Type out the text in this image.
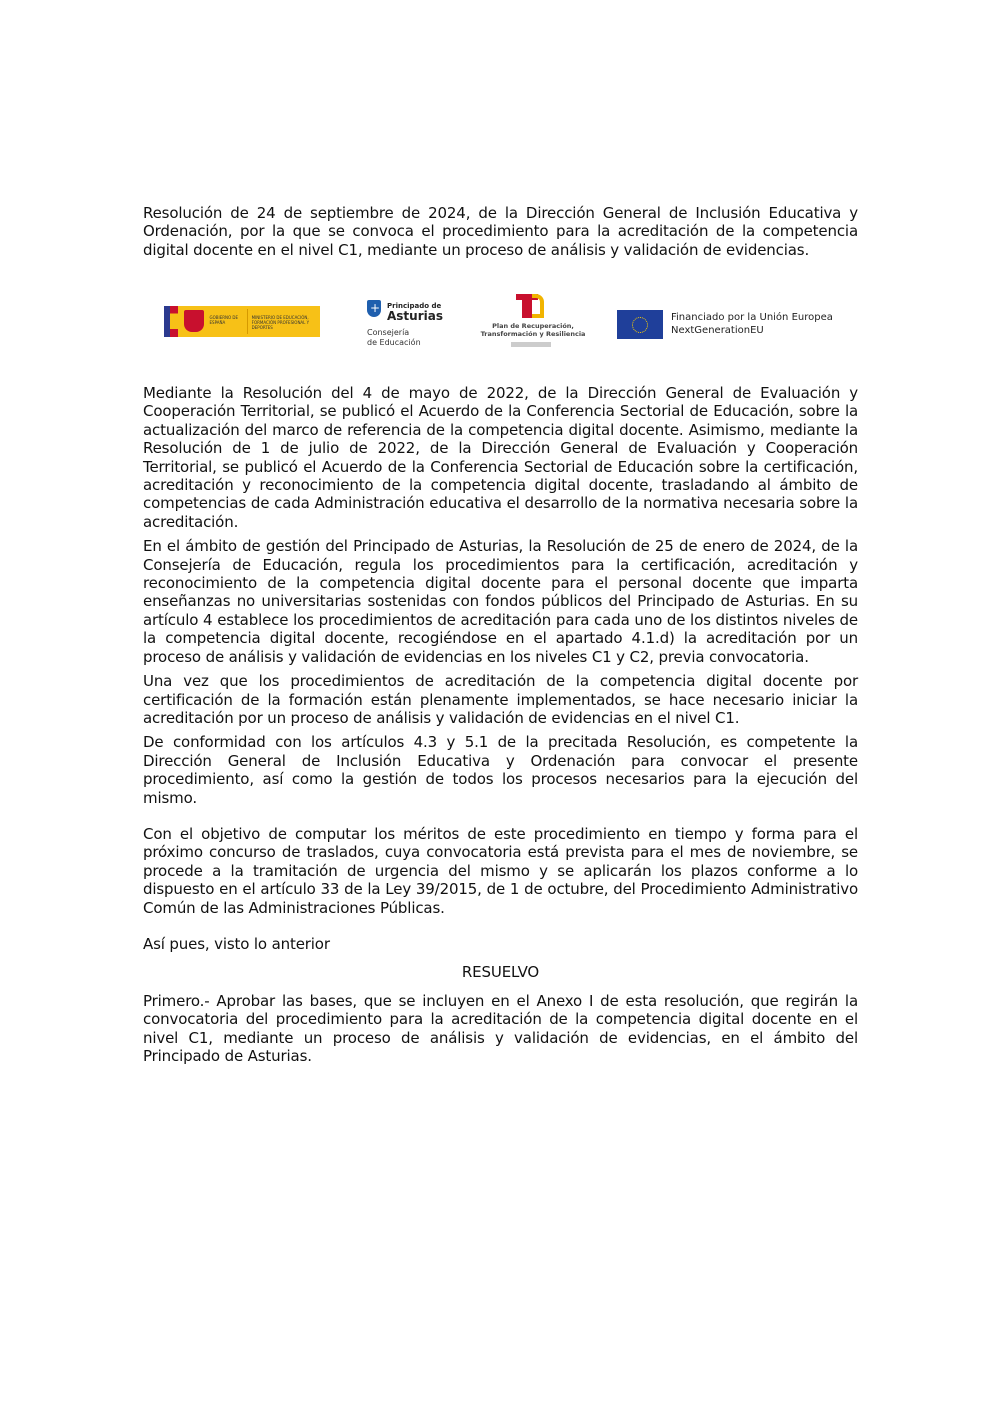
Resolución de 24 de septiembre de 2024, de la Dirección General de Inclusión Educativa y Ordenación, por la que se convoca el procedimiento para la acreditación de la competencia digital docente en el nivel C1, mediante un proceso de análisis y validación de evidencias.

GOBIERNO DE ESPAÑA
MINISTERIO DE EDUCACIÓN, FORMACIÓN PROFESIONAL Y DEPORTES
+
Principado de
Asturias
Consejería
de Educación
Plan de Recuperación,
Transformación y Resiliencia
Financiado por la Unión Europea
NextGenerationEU

Mediante la Resolución del 4 de mayo de 2022, de la Dirección General de Evaluación y Cooperación Territorial, se publicó el Acuerdo de la Conferencia Sectorial de Educación, sobre la actualización del marco de referencia de la competencia digital docente. Asimismo, mediante la Resolución de 1 de julio de 2022, de la Dirección General de Evaluación y Cooperación Territorial, se publicó el Acuerdo de la Conferencia Sectorial de Educación sobre la certificación, acreditación y reconocimiento de la competencia digital docente, trasladando al ámbito de competencias de cada Administración educativa el desarrollo de la normativa necesaria sobre la acreditación.

En el ámbito de gestión del Principado de Asturias, la Resolución de 25 de enero de 2024, de la Consejería de Educación, regula los procedimientos para la certificación, acreditación y reconocimiento de la competencia digital docente para el personal docente que imparta enseñanzas no universitarias sostenidas con fondos públicos del Principado de Asturias. En su artículo 4 establece los procedimientos de acreditación para cada uno de los distintos niveles de la competencia digital docente, recogiéndose en el apartado 4.1.d) la acreditación por un proceso de análisis y validación de evidencias en los niveles C1 y C2, previa convocatoria.

Una vez que los procedimientos de acreditación de la competencia digital docente por certificación de la formación están plenamente implementados, se hace necesario iniciar la acreditación por un proceso de análisis y validación de evidencias en el nivel C1.

De conformidad con los artículos 4.3 y 5.1 de la precitada Resolución, es competente la Dirección General de Inclusión Educativa y Ordenación para convocar el presente procedimiento, así como la gestión de todos los procesos necesarios para la ejecución del mismo.

Con el objetivo de computar los méritos de este procedimiento en tiempo y forma para el próximo concurso de traslados, cuya convocatoria está prevista para el mes de noviembre, se procede a la tramitación de urgencia del mismo y se aplicarán los plazos conforme a lo dispuesto en el artículo 33 de la Ley 39/2015, de 1 de octubre, del Procedimiento Administrativo Común de las Administraciones Públicas.

Así pues, visto lo anterior

RESUELVO

Primero.- Aprobar las bases, que se incluyen en el Anexo I de esta resolución, que regirán la convocatoria del procedimiento para la acreditación de la competencia digital docente en el nivel C1, mediante un proceso de análisis y validación de evidencias, en el ámbito del Principado de Asturias.
